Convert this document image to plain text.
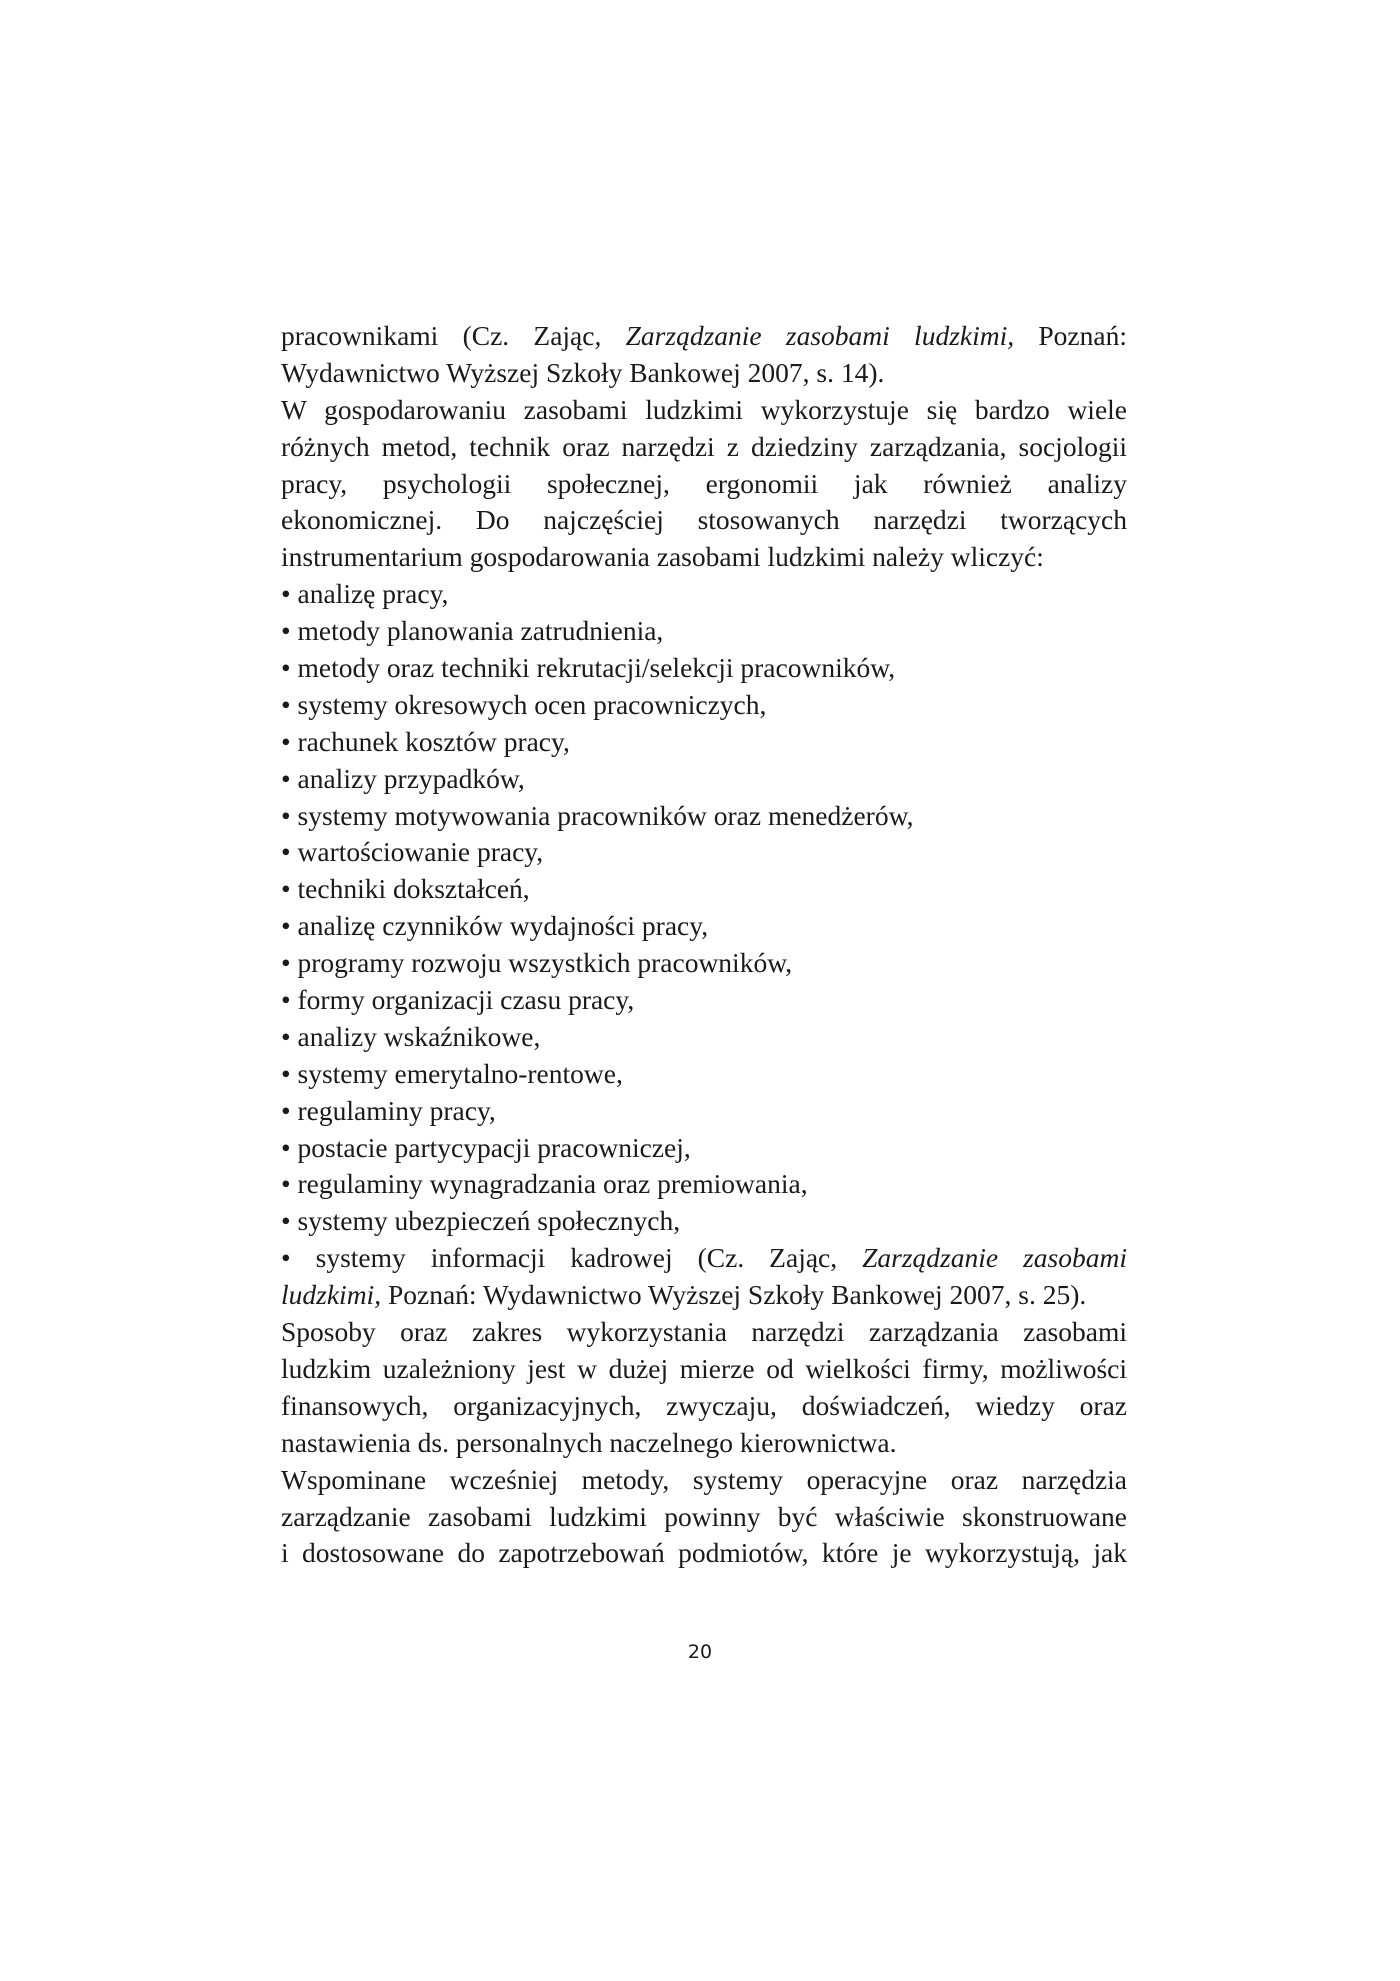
pracownikami (Cz. Zając, Zarządzanie zasobami ludzkimi, Poznań:
Wydawnictwo Wyższej Szkoły Bankowej 2007, s. 14).
W gospodarowaniu zasobami ludzkimi wykorzystuje się bardzo wiele
różnych metod, technik oraz narzędzi z dziedziny zarządzania, socjologii
pracy, psychologii społecznej, ergonomii jak również analizy
ekonomicznej. Do najczęściej stosowanych narzędzi tworzących
instrumentarium gospodarowania zasobami ludzkimi należy wliczyć:
• analizę pracy,
• metody planowania zatrudnienia,
• metody oraz techniki rekrutacji/selekcji pracowników,
• systemy okresowych ocen pracowniczych,
• rachunek kosztów pracy,
• analizy przypadków,
• systemy motywowania pracowników oraz menedżerów,
• wartościowanie pracy,
• techniki dokształceń,
• analizę czynników wydajności pracy,
• programy rozwoju wszystkich pracowników,
• formy organizacji czasu pracy,
• analizy wskaźnikowe,
• systemy emerytalno-rentowe,
• regulaminy pracy,
• postacie partycypacji pracowniczej,
• regulaminy wynagradzania oraz premiowania,
• systemy ubezpieczeń społecznych,
• systemy informacji kadrowej (Cz. Zając, Zarządzanie zasobami
ludzkimi, Poznań: Wydawnictwo Wyższej Szkoły Bankowej 2007, s. 25).
Sposoby oraz zakres wykorzystania narzędzi zarządzania zasobami
ludzkim uzależniony jest w dużej mierze od wielkości firmy, możliwości
finansowych, organizacyjnych, zwyczaju, doświadczeń, wiedzy oraz
nastawienia ds. personalnych naczelnego kierownictwa.
Wspominane wcześniej metody, systemy operacyjne oraz narzędzia
zarządzanie zasobami ludzkimi powinny być właściwie skonstruowane
i dostosowane do zapotrzebowań podmiotów, które je wykorzystują, jak
20
